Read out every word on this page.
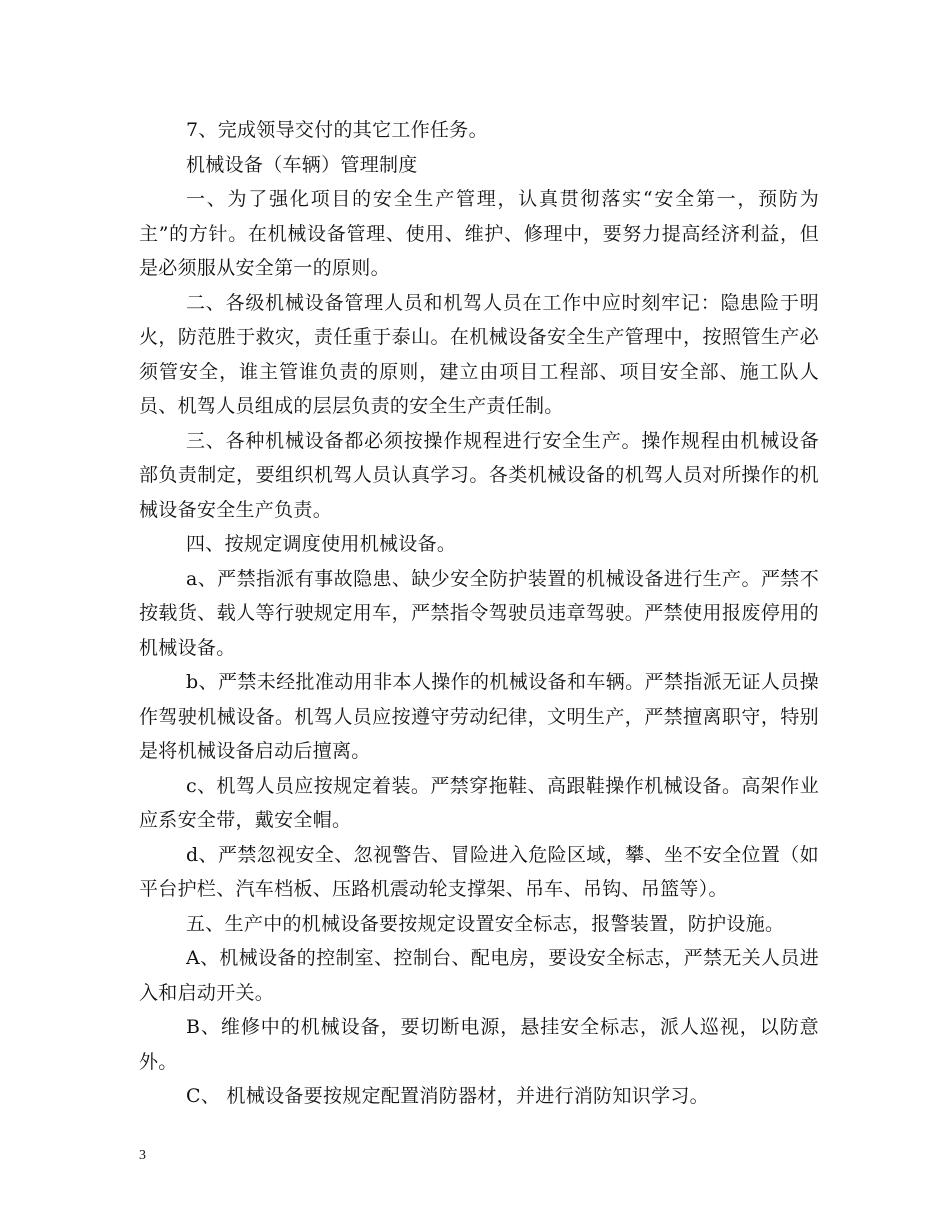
7、完成领导交付的其它工作任务。

机械设备（车辆）管理制度

一、为了强化项目的安全生产管理，认真贯彻落实“安全第一，预防为主”的方针。在机械设备管理、使用、维护、修理中，要努力提高经济利益，但是必须服从安全第一的原则。

二、各级机械设备管理人员和机驾人员在工作中应时刻牢记：隐患险于明火，防范胜于救灾，责任重于泰山。在机械设备安全生产管理中，按照管生产必须管安全，谁主管谁负责的原则，建立由项目工程部、项目安全部、施工队人员、机驾人员组成的层层负责的安全生产责任制。

三、各种机械设备都必须按操作规程进行安全生产。操作规程由机械设备部负责制定，要组织机驾人员认真学习。各类机械设备的机驾人员对所操作的机械设备安全生产负责。

四、按规定调度使用机械设备。

a、严禁指派有事故隐患、缺少安全防护装置的机械设备进行生产。严禁不按载货、载人等行驶规定用车，严禁指令驾驶员违章驾驶。严禁使用报废停用的机械设备。

b、严禁未经批准动用非本人操作的机械设备和车辆。严禁指派无证人员操作驾驶机械设备。机驾人员应按遵守劳动纪律，文明生产，严禁擅离职守，特别是将机械设备启动后擅离。

c、机驾人员应按规定着装。严禁穿拖鞋、高跟鞋操作机械设备。高架作业应系安全带，戴安全帽。

d、严禁忽视安全、忽视警告、冒险进入危险区域，攀、坐不安全位置（如平台护栏、汽车档板、压路机震动轮支撑架、吊车、吊钩、吊篮等）。

五、生产中的机械设备要按规定设置安全标志，报警装置，防护设施。

A、机械设备的控制室、控制台、配电房，要设安全标志，严禁无关人员进入和启动开关。

B、维修中的机械设备，要切断电源，悬挂安全标志，派人巡视，以防意外。

C、 机械设备要按规定配置消防器材，并进行消防知识学习。

3
